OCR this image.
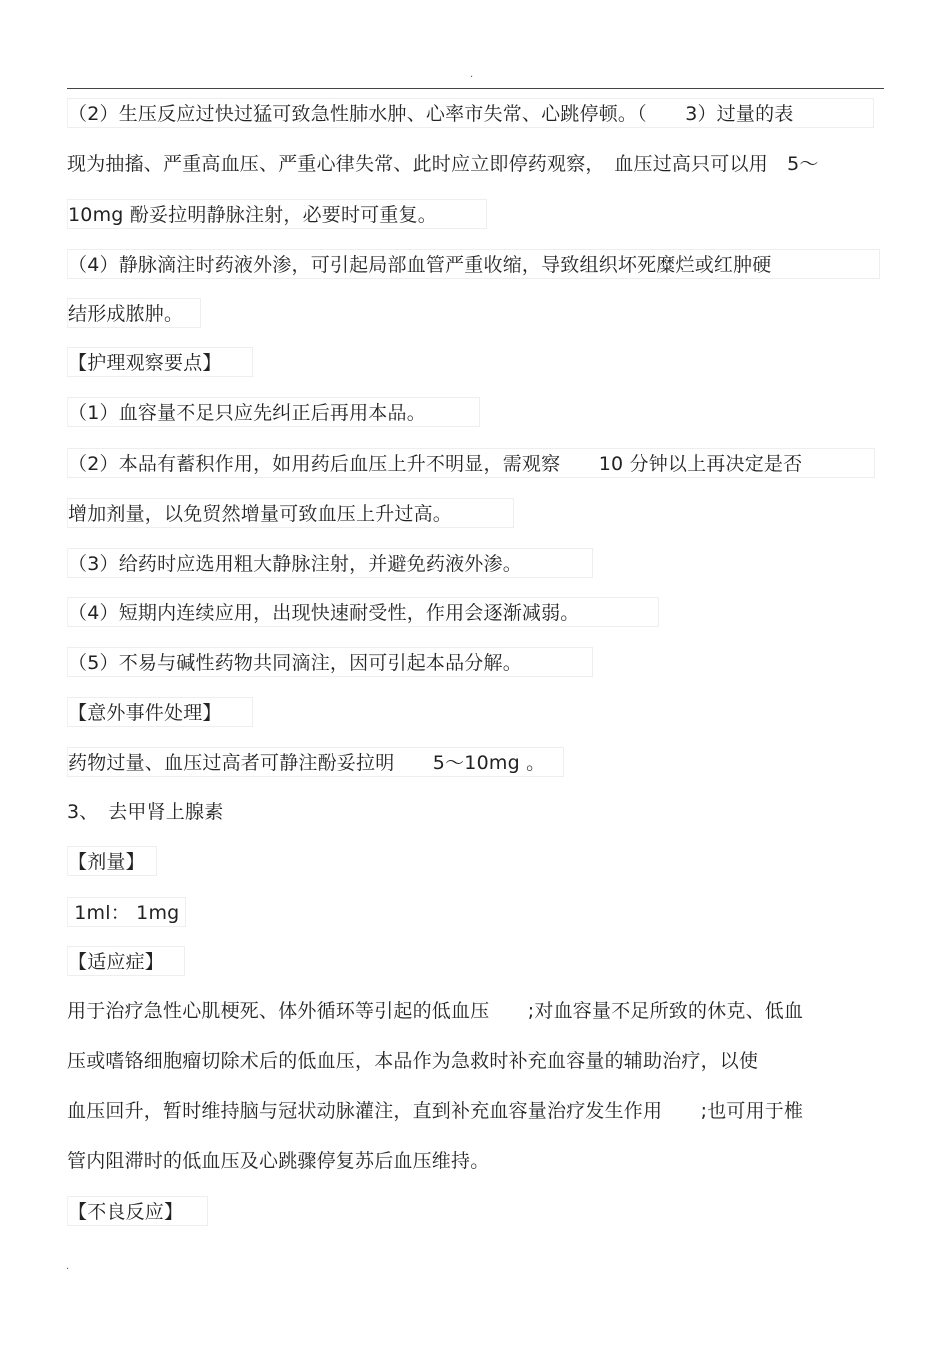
.
（2）生压反应过快过猛可致急性肺水肿、心率市失常、心跳停顿。（　　3）过量的表
现为抽搐、严重高血压、严重心律失常、此时应立即停药观察，　血压过高只可以用　5～
10mg 酚妥拉明静脉注射，必要时可重复。
（4）静脉滴注时药液外渗，可引起局部血管严重收缩，导致组织坏死糜烂或红肿硬
结形成脓肿。
【护理观察要点】
（1）血容量不足只应先纠正后再用本品。
（2）本品有蓄积作用，如用药后血压上升不明显，需观察　　10 分钟以上再决定是否
增加剂量，以免贸然增量可致血压上升过高。
（3）给药时应选用粗大静脉注射，并避免药液外渗。
（4）短期内连续应用，出现快速耐受性，作用会逐渐减弱。
（5）不易与碱性药物共同滴注，因可引起本品分解。
【意外事件处理】
药物过量、血压过高者可静注酚妥拉明　　5～10mg 。
3、　去甲肾上腺素
【剂量】
1ml： 1mg
【适应症】
用于治疗急性心肌梗死、体外循环等引起的低血压　　;对血容量不足所致的休克、低血
压或嗜铬细胞瘤切除术后的低血压，本品作为急救时补充血容量的辅助治疗，以使
血压回升，暂时维持脑与冠状动脉灌注，直到补充血容量治疗发生作用　　;也可用于椎
管内阻滞时的低血压及心跳骤停复苏后血压维持。
【不良反应】
.
